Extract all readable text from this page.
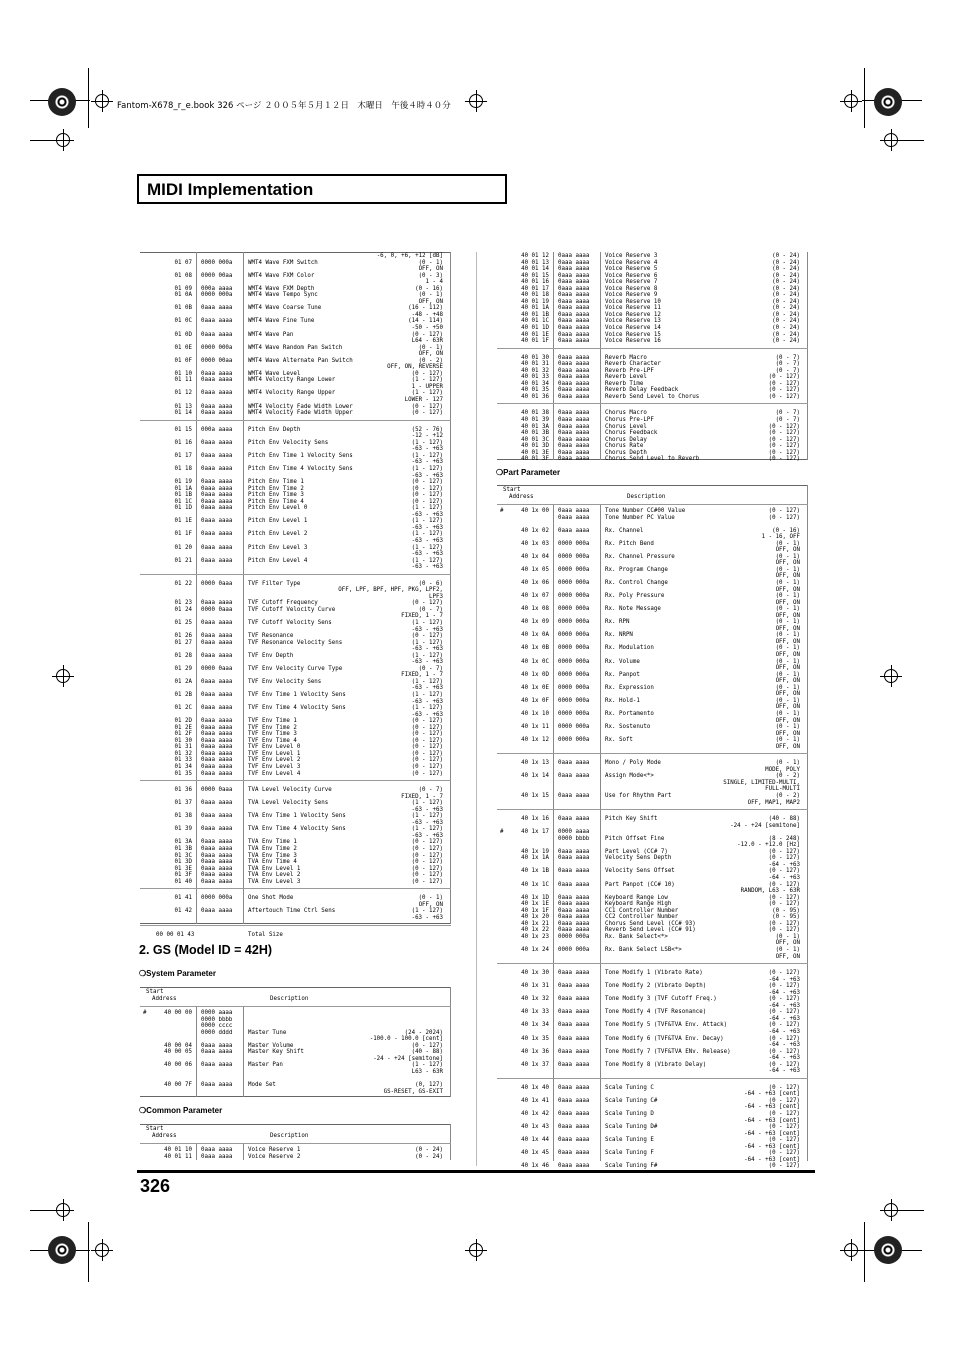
Fantom-X678_r_e.book 326 ページ ２００５年５月１２日　木曜日　午後４時４０分
MIDI Implementation
-6, 0, +6, +12 [dB]
01 07 0000 000a	WMT4 Wave FXM Switch	(0 - 1)
OFF, ON
01 08 0000 00aa	WMT4 Wave FXM Color	(0 - 3)
1 - 4
01 09 000a aaaa	WMT4 Wave FXM Depth	(0 - 16)
01 0A 0000 000a	WMT4 Wave Tempo Sync	(0 - 1)
OFF, ON
01 0B 0aaa aaaa	WMT4 Wave Coarse Tune	(16 - 112)
-48 - +48
01 0C 0aaa aaaa	WMT4 Wave Fine Tune	(14 - 114)
-50 - +50
01 0D 0aaa aaaa	WMT4 Wave Pan	(0 - 127)
L64 - 63R
01 0E 0000 000a	WMT4 Wave Random Pan Switch	(0 - 1)
OFF, ON
01 0F 0000 00aa	WMT4 Wave Alternate Pan Switch	(0 - 2)
OFF, ON, REVERSE
01 10 0aaa aaaa	WMT4 Wave Level	(0 - 127)
01 11 0aaa aaaa	WMT4 Velocity Range Lower	(1 - 127)
1 - UPPER
01 12 0aaa aaaa	WMT4 Velocity Range Upper	(1 - 127)
LOWER - 127
01 13 0aaa aaaa	WMT4 Velocity Fade Width Lower	(0 - 127)
01 14 0aaa aaaa	WMT4 Velocity Fade Width Upper	(0 - 127)
01 15 000a aaaa	Pitch Env Depth	(52 - 76)
-12 - +12
01 16 0aaa aaaa	Pitch Env Velocity Sens	(1 - 127)
-63 - +63
01 17 0aaa aaaa	Pitch Env Time 1 Velocity Sens	(1 - 127)
-63 - +63
01 18 0aaa aaaa	Pitch Env Time 4 Velocity Sens	(1 - 127)
-63 - +63
01 19 0aaa aaaa	Pitch Env Time 1	(0 - 127)
01 1A 0aaa aaaa	Pitch Env Time 2	(0 - 127)
01 1B 0aaa aaaa	Pitch Env Time 3	(0 - 127)
01 1C 0aaa aaaa	Pitch Env Time 4	(0 - 127)
01 1D 0aaa aaaa	Pitch Env Level 0	(1 - 127)
-63 - +63
01 1E 0aaa aaaa	Pitch Env Level 1	(1 - 127)
-63 - +63
01 1F 0aaa aaaa	Pitch Env Level 2	(1 - 127)
-63 - +63
01 20 0aaa aaaa	Pitch Env Level 3	(1 - 127)
-63 - +63
01 21 0aaa aaaa	Pitch Env Level 4	(1 - 127)
-63 - +63
01 22 0000 0aaa	TVF Filter Type	(0 - 6)
OFF, LPF, BPF, HPF, PKG, LPF2,
LPF3
01 23 0aaa aaaa	TVF Cutoff Frequency	(0 - 127)
01 24 0000 0aaa	TVF Cutoff Velocity Curve	(0 - 7)
FIXED, 1 - 7
01 25 0aaa aaaa	TVF Cutoff Velocity Sens	(1 - 127)
-63 - +63
01 26 0aaa aaaa	TVF Resonance	(0 - 127)
01 27 0aaa aaaa	TVF Resonance Velocity Sens	(1 - 127)
-63 - +63
01 28 0aaa aaaa	TVF Env Depth	(1 - 127)
-63 - +63
01 29 0000 0aaa	TVF Env Velocity Curve Type	(0 - 7)
FIXED, 1 - 7
01 2A 0aaa aaaa	TVF Env Velocity Sens	(1 - 127)
-63 - +63
01 2B 0aaa aaaa	TVF Env Time 1 Velocity Sens	(1 - 127)
-63 - +63
01 2C 0aaa aaaa	TVF Env Time 4 Velocity Sens	(1 - 127)
-63 - +63
01 2D 0aaa aaaa	TVF Env Time 1	(0 - 127)
01 2E 0aaa aaaa	TVF Env Time 2	(0 - 127)
01 2F 0aaa aaaa	TVF Env Time 3	(0 - 127)
01 30 0aaa aaaa	TVF Env Time 4	(0 - 127)
01 31 0aaa aaaa	TVF Env Level 0	(0 - 127)
01 32 0aaa aaaa	TVF Env Level 1	(0 - 127)
01 33 0aaa aaaa	TVF Env Level 2	(0 - 127)
01 34 0aaa aaaa	TVF Env Level 3	(0 - 127)
01 35 0aaa aaaa	TVF Env Level 4	(0 - 127)
01 36 0000 0aaa	TVA Level Velocity Curve	(0 - 7)
FIXED, 1 - 7
01 37 0aaa aaaa	TVA Level Velocity Sens	(1 - 127)
-63 - +63
01 38 0aaa aaaa	TVA Env Time 1 Velocity Sens	(1 - 127)
-63 - +63
01 39 0aaa aaaa	TVA Env Time 4 Velocity Sens	(1 - 127)
-63 - +63
01 3A 0aaa aaaa	TVA Env Time 1	(0 - 127)
01 3B 0aaa aaaa	TVA Env Time 2	(0 - 127)
01 3C 0aaa aaaa	TVA Env Time 3	(0 - 127)
01 3D 0aaa aaaa	TVA Env Time 4	(0 - 127)
01 3E 0aaa aaaa	TVA Env Level 1	(0 - 127)
01 3F 0aaa aaaa	TVA Env Level 2	(0 - 127)
01 40 0aaa aaaa	TVA Env Level 3	(0 - 127)
01 41 0000 000a	One Shot Mode	(0 - 1)
OFF, ON
01 42 0aaa aaaa	Aftertouch Time Ctrl Sens	(1 - 127)
-63 - +63
00 00 01 43	Total Size
2. GS (Model ID = 42H)
❍System Parameter
Start
Address	Description
#	40 00 00 0000 aaaa
0000 bbbb
0000 cccc
0000 dddd	Master Tune	(24 - 2024)
-100.0 - 100.0 [cent]
40 00 04 0aaa aaaa	Master Volume	(0 - 127)
40 00 05 0aaa aaaa	Master Key Shift	(40 - 88)
-24 - +24 [semitone]
40 00 06 0aaa aaaa	Master Pan	(1 - 127)
L63 - 63R
40 00 7F 0aaa aaaa	Mode Set	(0, 127)
GS-RESET, GS-EXIT
❍Common Parameter
Start
Address	Description
40 01 10 0aaa aaaa	Voice Reserve 1	(0 - 24)
40 01 11 0aaa aaaa	Voice Reserve 2	(0 - 24)
40 01 12 0aaa aaaa	Voice Reserve 3	(0 - 24)
40 01 13 0aaa aaaa	Voice Reserve 4	(0 - 24)
40 01 14 0aaa aaaa	Voice Reserve 5	(0 - 24)
40 01 15 0aaa aaaa	Voice Reserve 6	(0 - 24)
40 01 16 0aaa aaaa	Voice Reserve 7	(0 - 24)
40 01 17 0aaa aaaa	Voice Reserve 8	(0 - 24)
40 01 18 0aaa aaaa	Voice Reserve 9	(0 - 24)
40 01 19 0aaa aaaa	Voice Reserve 10	(0 - 24)
40 01 1A 0aaa aaaa	Voice Reserve 11	(0 - 24)
40 01 1B 0aaa aaaa	Voice Reserve 12	(0 - 24)
40 01 1C 0aaa aaaa	Voice Reserve 13	(0 - 24)
40 01 1D 0aaa aaaa	Voice Reserve 14	(0 - 24)
40 01 1E 0aaa aaaa	Voice Reserve 15	(0 - 24)
40 01 1F 0aaa aaaa	Voice Reserve 16	(0 - 24)
40 01 30 0aaa aaaa	Reverb Macro	(0 - 7)
40 01 31 0aaa aaaa	Reverb Character	(0 - 7)
40 01 32 0aaa aaaa	Reverb Pre-LPF	(0 - 7)
40 01 33 0aaa aaaa	Reverb Level	(0 - 127)
40 01 34 0aaa aaaa	Reverb Time	(0 - 127)
40 01 35 0aaa aaaa	Reverb Delay Feedback	(0 - 127)
40 01 36 0aaa aaaa	Reverb Send Level to Chorus	(0 - 127)
40 01 38 0aaa aaaa	Chorus Macro	(0 - 7)
40 01 39 0aaa aaaa	Chorus Pre-LPF	(0 - 7)
40 01 3A 0aaa aaaa	Chorus Level	(0 - 127)
40 01 3B 0aaa aaaa	Chorus Feedback	(0 - 127)
40 01 3C 0aaa aaaa	Chorus Delay	(0 - 127)
40 01 3D 0aaa aaaa	Chorus Rate	(0 - 127)
40 01 3E 0aaa aaaa	Chorus Depth	(0 - 127)
40 01 3F 0aaa aaaa	Chorus Send Level to Reverb	(0 - 127)
❍Part Parameter
Start
Address	Description
#	40 1x 00 0aaa aaaa	Tone Number CC#00 Value	(0 - 127)
0aaa aaaa	Tone Number PC Value	(0 - 127)
40 1x 02 0aaa aaaa	Rx. Channel	(0 - 16)
1 - 16, OFF
40 1x 03 0000 000a	Rx. Pitch Bend	(0 - 1)
OFF, ON
40 1x 04 0000 000a	Rx. Channel Pressure	(0 - 1)
OFF, ON
40 1x 05 0000 000a	Rx. Program Change	(0 - 1)
OFF, ON
40 1x 06 0000 000a	Rx. Control Change	(0 - 1)
OFF, ON
40 1x 07 0000 000a	Rx. Poly Pressure	(0 - 1)
OFF, ON
40 1x 08 0000 000a	Rx. Note Message	(0 - 1)
OFF, ON
40 1x 09 0000 000a	Rx. RPN	(0 - 1)
OFF, ON
40 1x 0A 0000 000a	Rx. NRPN	(0 - 1)
OFF, ON
40 1x 0B 0000 000a	Rx. Modulation	(0 - 1)
OFF, ON
40 1x 0C 0000 000a	Rx. Volume	(0 - 1)
OFF, ON
40 1x 0D 0000 000a	Rx. Panpot	(0 - 1)
OFF, ON
40 1x 0E 0000 000a	Rx. Expression	(0 - 1)
OFF, ON
40 1x 0F 0000 000a	Rx. Hold-1	(0 - 1)
OFF, ON
40 1x 10 0000 000a	Rx. Portamento	(0 - 1)
OFF, ON
40 1x 11 0000 000a	Rx. Sostenuto	(0 - 1)
OFF, ON
40 1x 12 0000 000a	Rx. Soft	(0 - 1)
OFF, ON
40 1x 13 0aaa aaaa	Mono / Poly Mode	(0 - 1)
MODE, POLY
40 1x 14 0aaa aaaa	Assign Mode<*>	(0 - 2)
SINGLE, LIMITED-MULTI,
FULL-MULTI
40 1x 15 0aaa aaaa	Use for Rhythm Part	(0 - 2)
OFF, MAP1, MAP2
40 1x 16 0aaa aaaa	Pitch Key Shift	(40 - 88)
-24 - +24 [semitone]
#	40 1x 17 0000 aaaa
0000 bbbb	Pitch Offset Fine	(8 - 248)
-12.0 - +12.0 [Hz]
40 1x 19 0aaa aaaa	Part Level (CC# 7)	(0 - 127)
40 1x 1A 0aaa aaaa	Velocity Sens Depth	(0 - 127)
-64 - +63
40 1x 1B 0aaa aaaa	Velocity Sens Offset	(0 - 127)
-64 - +63
40 1x 1C 0aaa aaaa	Part Panpot (CC# 10)	(0 - 127)
RANDOM, L63 - 63R
40 1x 1D 0aaa aaaa	Keyboard Range Low	(0 - 127)
40 1x 1E 0aaa aaaa	Keyboard Range High	(0 - 127)
40 1x 1F 0aaa aaaa	CC1 Controller Number	(0 - 95)
40 1x 20 0aaa aaaa	CC2 Controller Number	(0 - 95)
40 1x 21 0aaa aaaa	Chorus Send Level (CC# 93)	(0 - 127)
40 1x 22 0aaa aaaa	Reverb Send Level (CC# 91)	(0 - 127)
40 1x 23 0000 000a	Rx. Bank Select<*>	(0 - 1)
OFF, ON
40 1x 24 0000 000a	Rx. Bank Select LSB<*>	(0 - 1)
OFF, ON
40 1x 30 0aaa aaaa	Tone Modify 1 (Vibrato Rate)	(0 - 127)
-64 - +63
40 1x 31 0aaa aaaa	Tone Modify 2 (Vibrato Depth)	(0 - 127)
-64 - +63
40 1x 32 0aaa aaaa	Tone Modify 3 (TVF Cutoff Freq.)	(0 - 127)
-64 - +63
40 1x 33 0aaa aaaa	Tone Modify 4 (TVF Resonance)	(0 - 127)
-64 - +63
40 1x 34 0aaa aaaa	Tone Modify 5 (TVF&TVA Env. Attack)	(0 - 127)
-64 - +63
40 1x 35 0aaa aaaa	Tone Modify 6 (TVF&TVA Env. Decay)	(0 - 127)
-64 - +63
40 1x 36 0aaa aaaa	Tone Modify 7 (TVF&TVA ENv. Release)	(0 - 127)
-64 - +63
40 1x 37 0aaa aaaa	Tone Modify 8 (Vibrato Delay)	(0 - 127)
-64 - +63
40 1x 40 0aaa aaaa	Scale Tuning C	(0 - 127)
-64 - +63 [cent]
40 1x 41 0aaa aaaa	Scale Tuning C#	(0 - 127)
-64 - +63 [cent]
40 1x 42 0aaa aaaa	Scale Tuning D	(0 - 127)
-64 - +63 [cent]
40 1x 43 0aaa aaaa	Scale Tuning D#	(0 - 127)
-64 - +63 [cent]
40 1x 44 0aaa aaaa	Scale Tuning E	(0 - 127)
-64 - +63 [cent]
40 1x 45 0aaa aaaa	Scale Tuning F	(0 - 127)
-64 - +63 [cent]
40 1x 46 0aaa aaaa	Scale Tuning F#	(0 - 127)
326
